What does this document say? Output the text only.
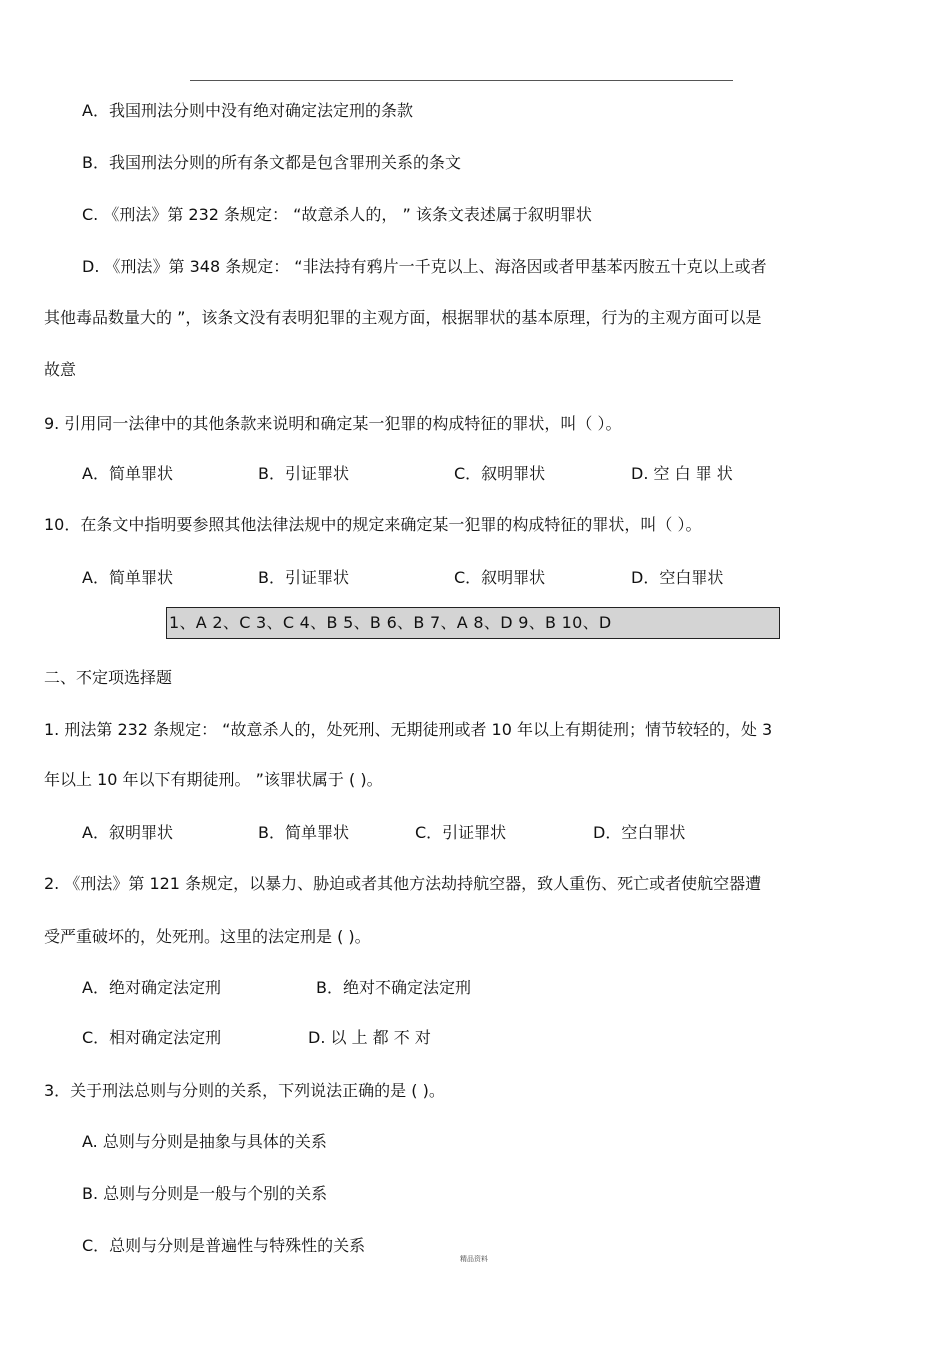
A．我国刑法分则中没有绝对确定法定刑的条款
B．我国刑法分则的所有条文都是包含罪刑关系的条文
C. 《刑法》第 232 条规定： “故意杀人的， ” 该条文表述属于叙明罪状
D. 《刑法》第 348 条规定： “非法持有鸦片一千克以上、海洛因或者甲基苯丙胺五十克以上或者
其他毒品数量大的 ”，该条文没有表明犯罪的主观方面，根据罪状的基本原理，行为的主观方面可以是
故意
9. 引用同一法律中的其他条款来说明和确定某一犯罪的构成特征的罪状，叫（ ）。
A．简单罪状	B．引证罪状	C．叙明罪状	D. 空 白 罪 状
10．在条文中指明要参照其他法律法规中的规定来确定某一犯罪的构成特征的罪状，叫（ ）。
A．简单罪状	B．引证罪状	C．叙明罪状	D．空白罪状
1、A 2、C 3、C 4、B 5、B 6、B 7、A 8、D 9、B 10、D
二、不定项选择题
1. 刑法第 232 条规定： “故意杀人的，处死刑、无期徒刑或者 10 年以上有期徒刑；情节较轻的，处 3
年以上 10 年以下有期徒刑。 ”该罪状属于 ( )。
A．叙明罪状	B．简单罪状	C．引证罪状	D．空白罪状
2. 《刑法》第 121 条规定，以暴力、胁迫或者其他方法劫持航空器，致人重伤、死亡或者使航空器遭
受严重破坏的，处死刑。这里的法定刑是 ( )。
A．绝对确定法定刑	B．绝对不确定法定刑
C．相对确定法定刑	D. 以 上 都 不 对
3．关于刑法总则与分则的关系，下列说法正确的是 ( )。
A. 总则与分则是抽象与具体的关系
B. 总则与分则是一般与个别的关系
C．总则与分则是普遍性与特殊性的关系
精品资料
